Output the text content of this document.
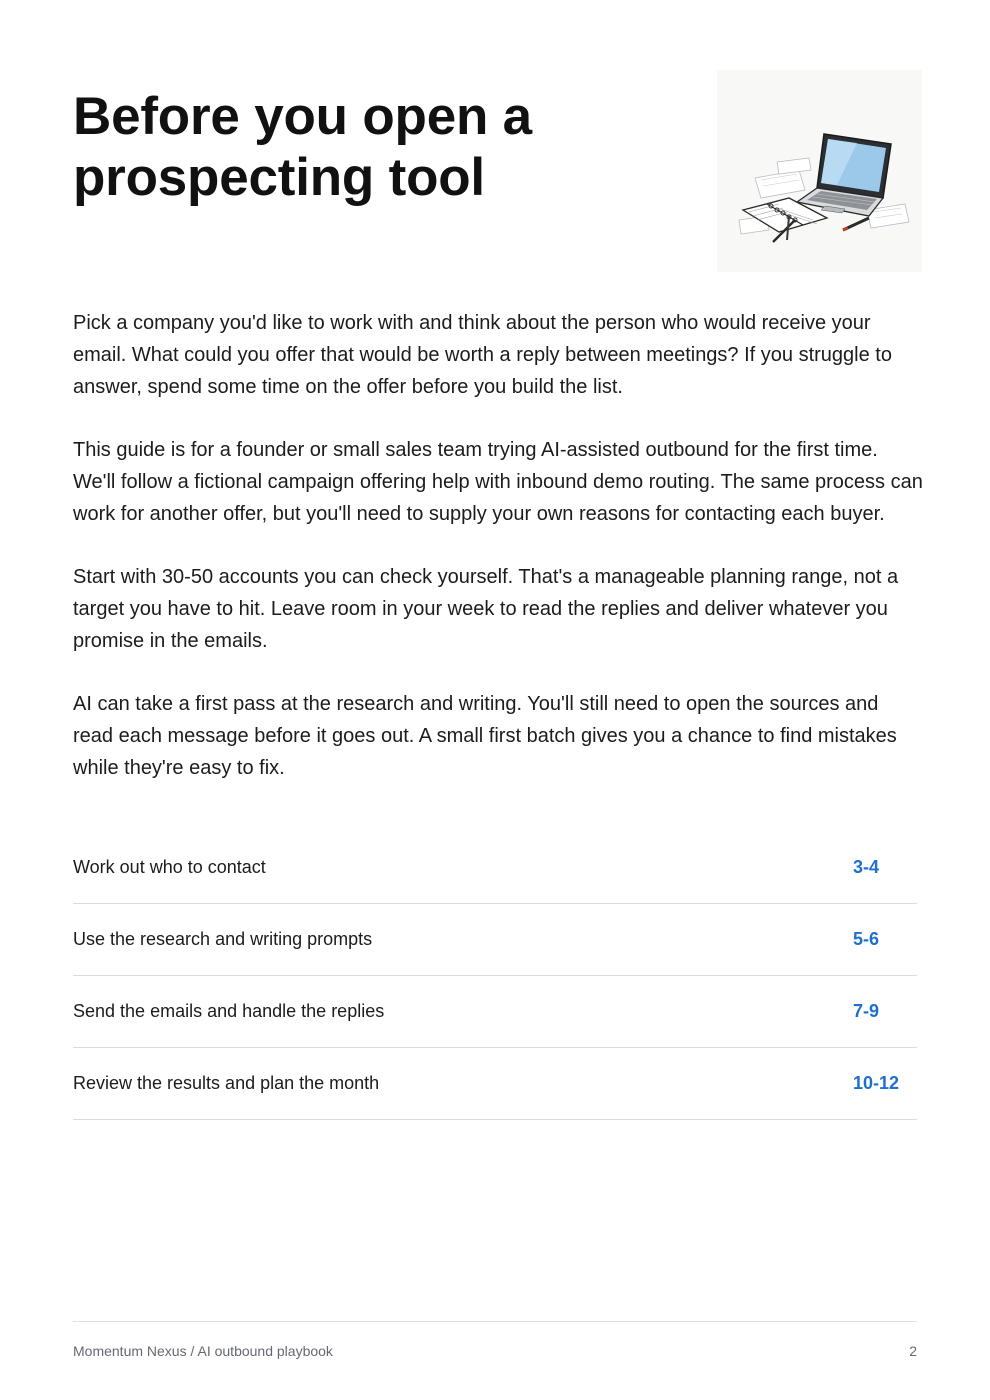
Before you open a prospecting tool

Pick a company you'd like to work with and think about the person who would receive your email. What could you offer that would be worth a reply between meetings? If you struggle to answer, spend some time on the offer before you build the list.

This guide is for a founder or small sales team trying AI-assisted outbound for the first time. We'll follow a fictional campaign offering help with inbound demo routing. The same process can work for another offer, but you'll need to supply your own reasons for contacting each buyer.

Start with 30-50 accounts you can check yourself. That's a manageable planning range, not a target you have to hit. Leave room in your week to read the replies and deliver whatever you promise in the emails.

AI can take a first pass at the research and writing. You'll still need to open the sources and read each message before it goes out. A small first batch gives you a chance to find mistakes while they're easy to fix.

Work out who to contact	3-4
Use the research and writing prompts	5-6
Send the emails and handle the replies	7-9
Review the results and plan the month	10-12
Momentum Nexus / AI outbound playbook	2
